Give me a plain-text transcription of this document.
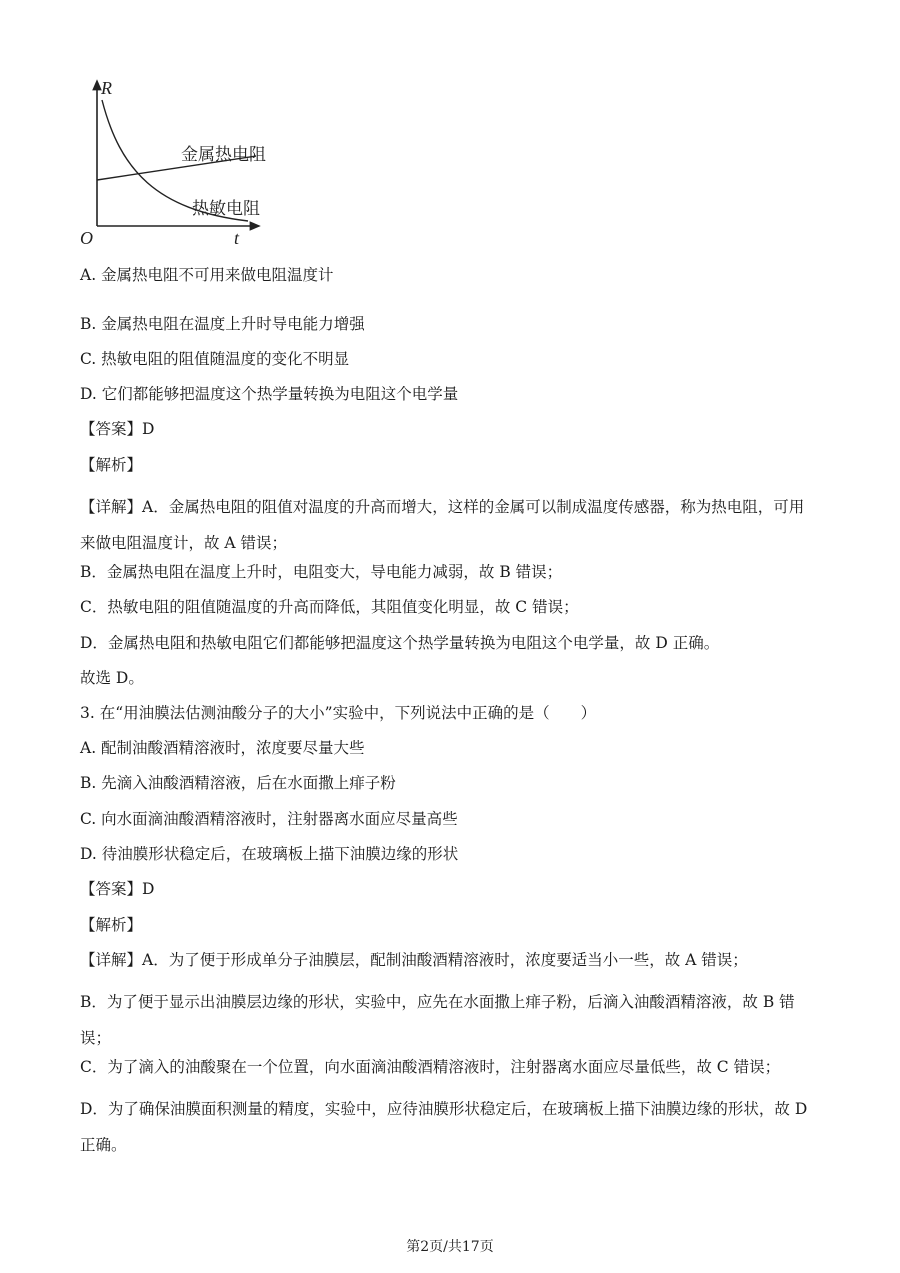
R
t
O
金属热电阻
热敏电阻
A. 金属热电阻不可用来做电阻温度计
B. 金属热电阻在温度上升时导电能力增强
C. 热敏电阻的阻值随温度的变化不明显
D. 它们都能够把温度这个热学量转换为电阻这个电学量
【答案】D
【解析】
【详解】A．金属热电阻的阻值对温度的升高而增大，这样的金属可以制成温度传感器，称为热电阻，可用来做电阻温度计，故 A 错误；
B．金属热电阻在温度上升时，电阻变大，导电能力减弱，故 B 错误；
C．热敏电阻的阻值随温度的升高而降低，其阻值变化明显，故 C 错误；
D．金属热电阻和热敏电阻它们都能够把温度这个热学量转换为电阻这个电学量，故 D 正确。
故选 D。
3. 在“用油膜法估测油酸分子的大小”实验中，下列说法中正确的是（　　）
A. 配制油酸酒精溶液时，浓度要尽量大些
B. 先滴入油酸酒精溶液，后在水面撒上痱子粉
C. 向水面滴油酸酒精溶液时，注射器离水面应尽量高些
D. 待油膜形状稳定后，在玻璃板上描下油膜边缘的形状
【答案】D
【解析】
【详解】A．为了便于形成单分子油膜层，配制油酸酒精溶液时，浓度要适当小一些，故 A 错误；
B．为了便于显示出油膜层边缘的形状，实验中，应先在水面撒上痱子粉，后滴入油酸酒精溶液，故 B 错误；
C．为了滴入的油酸聚在一个位置，向水面滴油酸酒精溶液时，注射器离水面应尽量低些，故 C 错误；
D．为了确保油膜面积测量的精度，实验中，应待油膜形状稳定后，在玻璃板上描下油膜边缘的形状，故 D 正确。
第2页/共17页
